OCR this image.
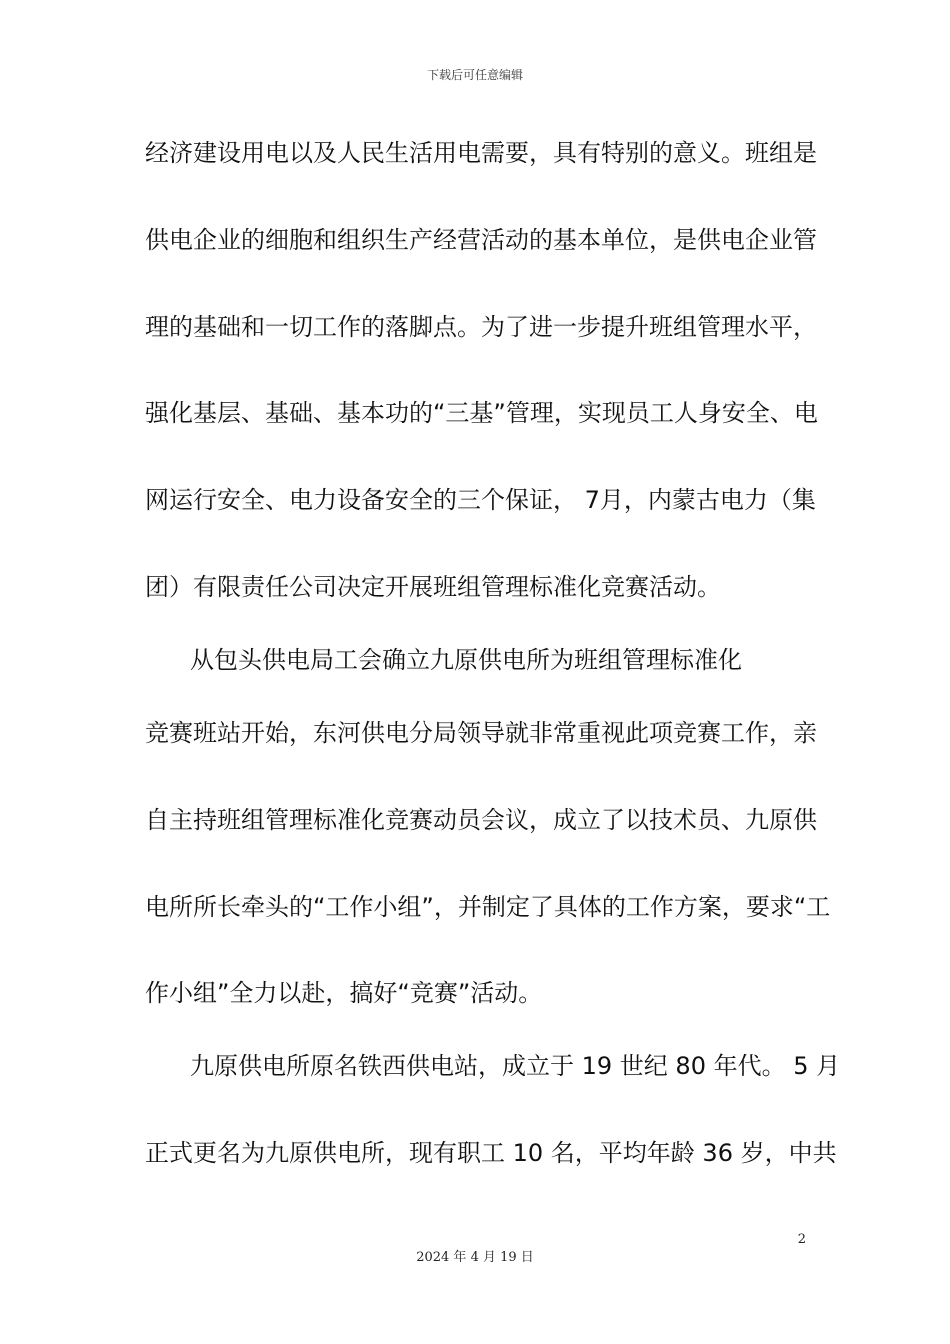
下载后可任意编辑
经济建设用电以及人民生活用电需要，具有特别的意义。班组是
供电企业的细胞和组织生产经营活动的基本单位，是供电企业管
理的基础和一切工作的落脚点。为了进一步提升班组管理水平，
强化基层、基础、基本功的“三基”管理，实现员工人身安全、电
网运行安全、电力设备安全的三个保证， 7月，内蒙古电力（集
团）有限责任公司决定开展班组管理标准化竞赛活动。
从包头供电局工会确立九原供电所为班组管理标准化
竞赛班站开始，东河供电分局领导就非常重视此项竞赛工作，亲
自主持班组管理标准化竞赛动员会议，成立了以技术员、九原供
电所所长牵头的“工作小组”，并制定了具体的工作方案，要求“工
作小组”全力以赴，搞好“竞赛”活动。
九原供电所原名铁西供电站，成立于 19 世纪 80 年代。 5 月
正式更名为九原供电所，现有职工 10 名，平均年龄 36 岁，中共
2
2024 年 4 月 19 日
